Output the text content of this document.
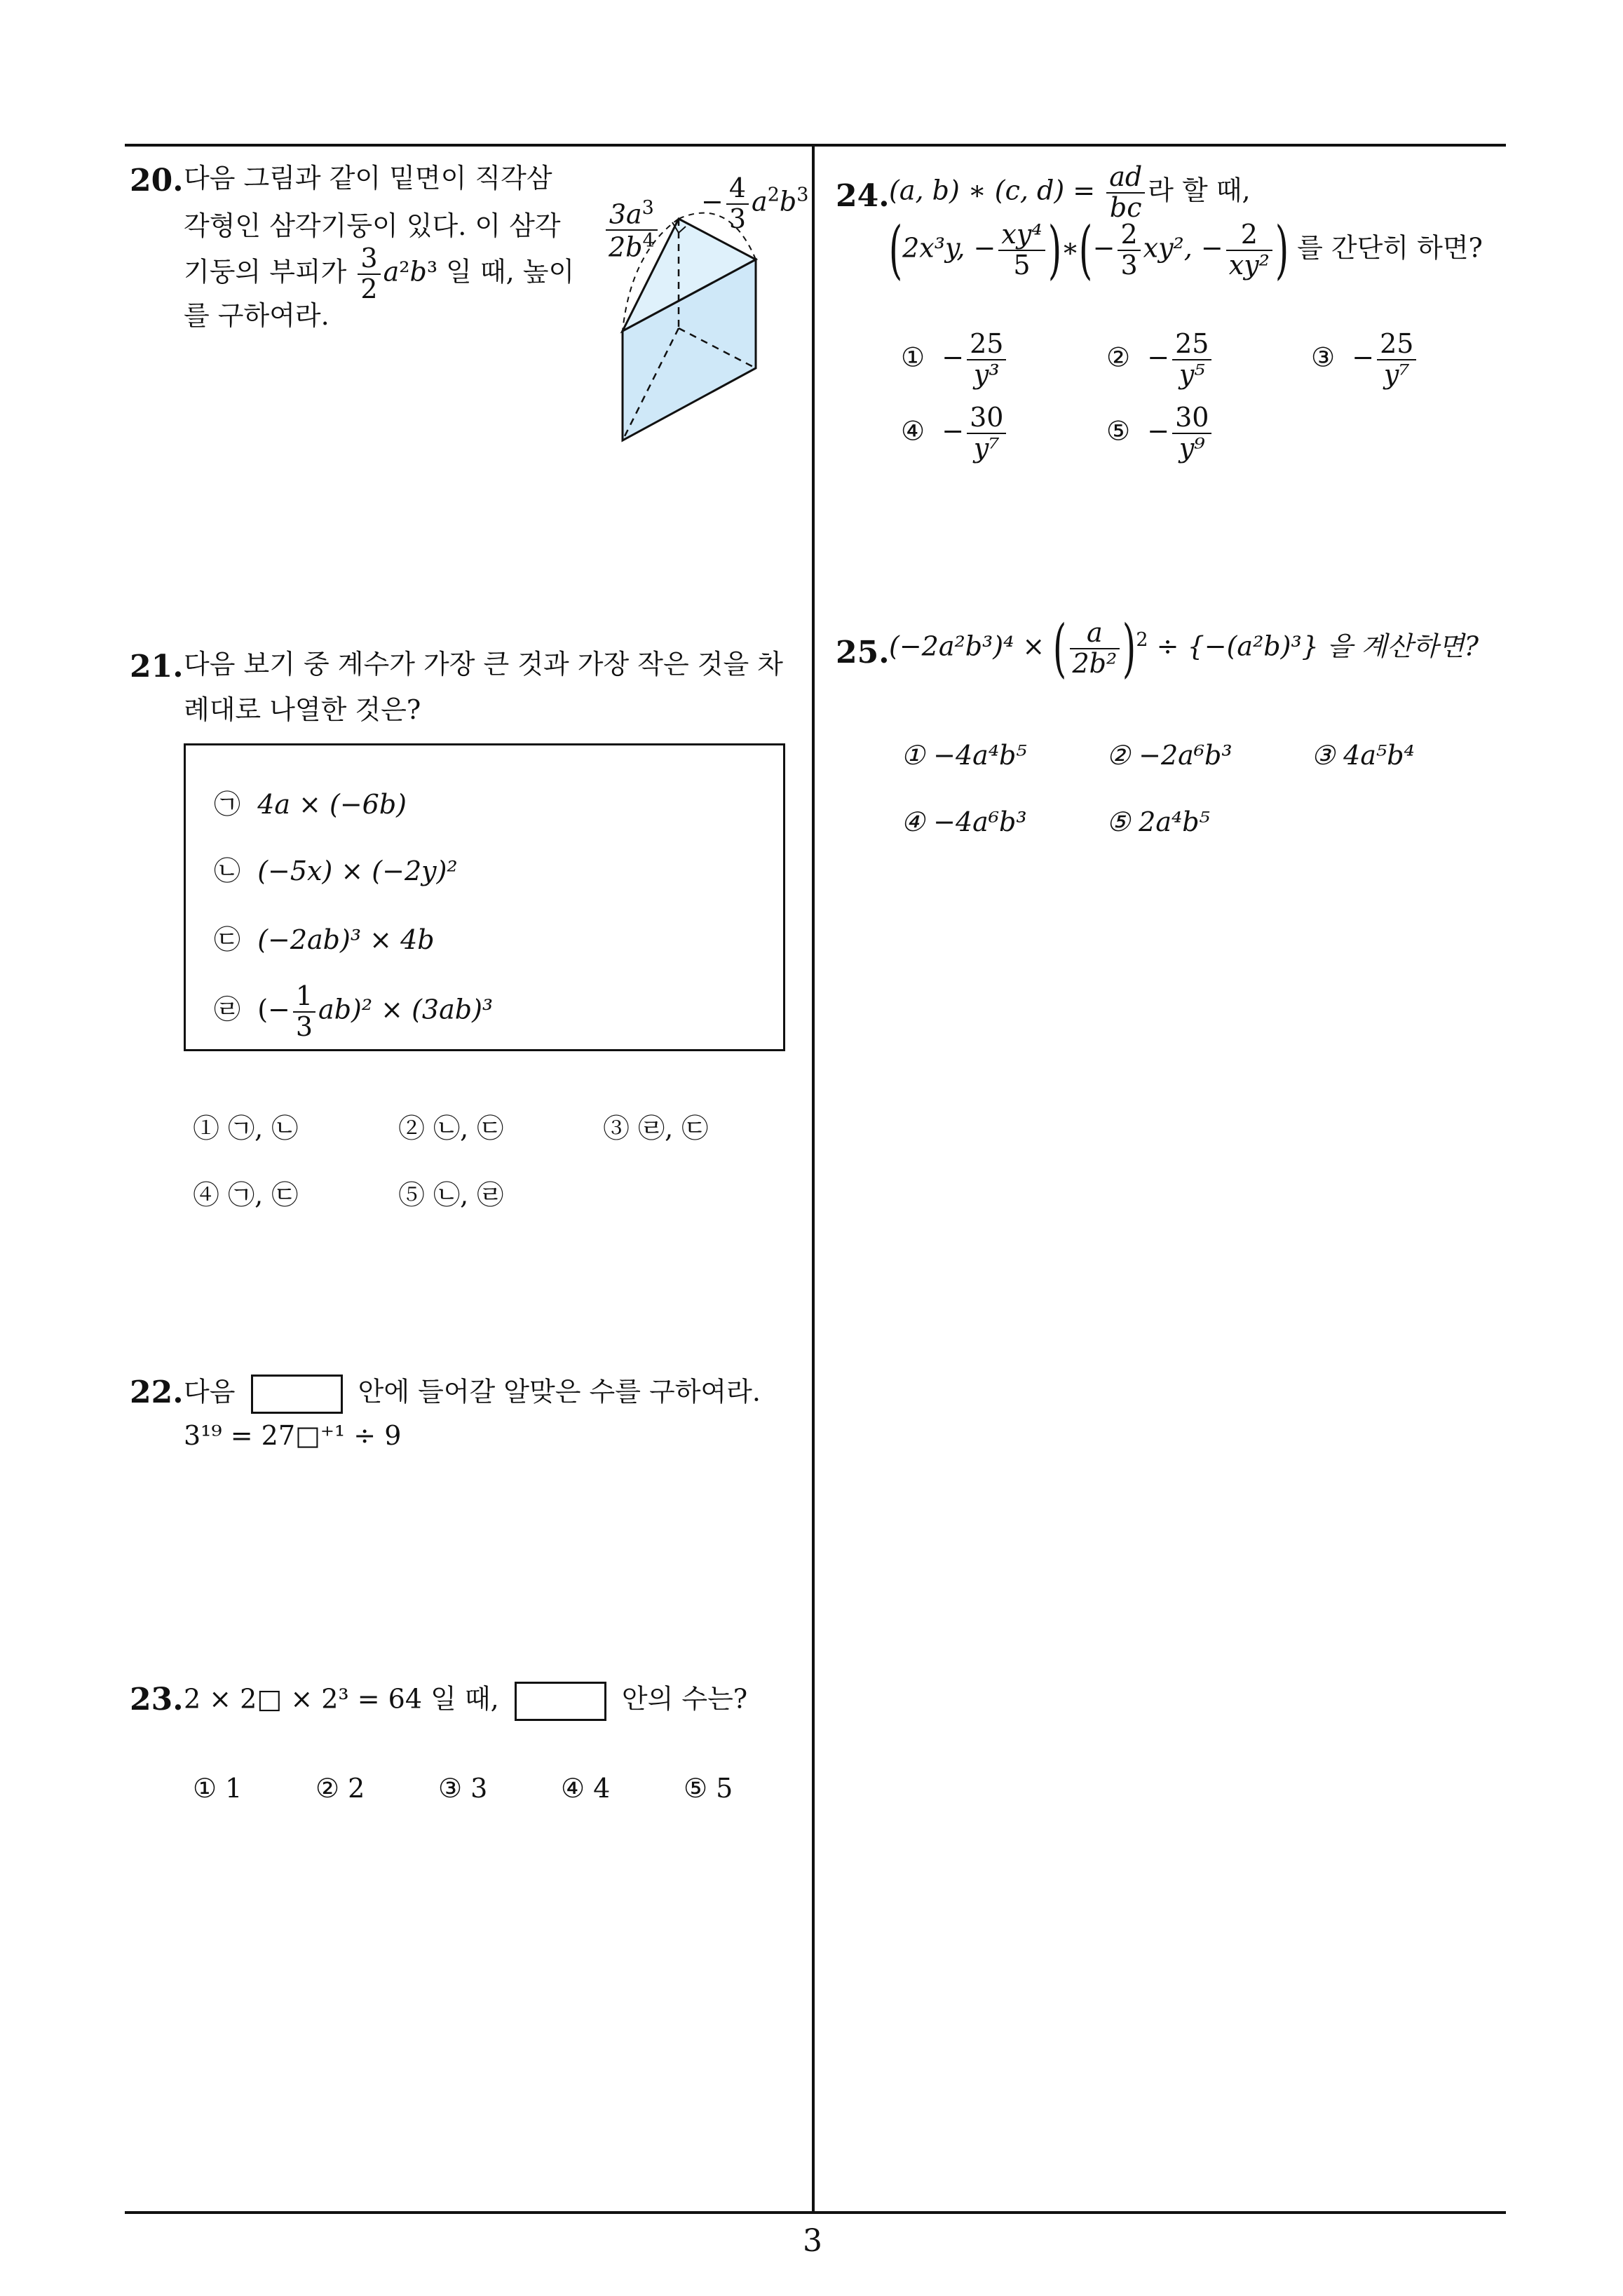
3
20. 다음 그림과 같이 밑면이 직각삼
각형인 삼각기둥이 있다. 이 삼각
기둥의 부피가 $\frac{3}{2} a^2b^3$ 일 때, 높이
를 구하여라.
$\frac{3a^3}{2b^4} - \frac{4}{3} a^2b^3$
21. 다음 보기 중 계수가 가장 큰 것과 가장 작은 것을 차
례대로 나열한 것은?
㉠ 4a × (−6b)
㉡ (−5x) × (−2y)²
㉢ (−2ab)³ × 4b
㉣ (− $\frac{1}{3} ab)^2 \times (3ab)^3$
① ㉠, ㉡	② ㉡, ㉢	③ ㉣, ㉢
④ ㉠, ㉢	⑤ ㉡, ㉣
22. 다음	안에 들어갈 알맞은 수를 구하여라.
3¹⁹ = 27□⁺¹ ÷ 9
23. 2 × 2□ × 2³ = 64 일 때,	안의 수는?
① 1	② 2	③ 3	④ 4	⑤ 5
24. (a, b) ∗ (c, $d) = \frac{ad}{bc}$ 라 할 때,
(2x³y, − $\frac{\text{xy⁴}}{5}$ )∗(− $\frac{2}{3} xy^2$, − $\frac{2}{\text{xy²}}$ ) 를 간단히 하면?
① − $\frac{25}{\text{y³}}$	② − $\frac{25}{\text{y⁵}}$	③ − $\frac{25}{\text{y⁷}}$
④ − $\frac{30}{\text{y⁷}}$	⑤ − $\frac{30}{\text{y⁹}}$
25. (−2a²b³)⁴ × ( $\frac{a}{\text{2b²}} )^2 \div \{-(a^2b)^3\}$ 을 계산하면?
① −4a⁴b⁵	② −2a⁶b³	③ 4a⁵b⁴
④ −4a⁶b³	⑤ 2a⁴b⁵
